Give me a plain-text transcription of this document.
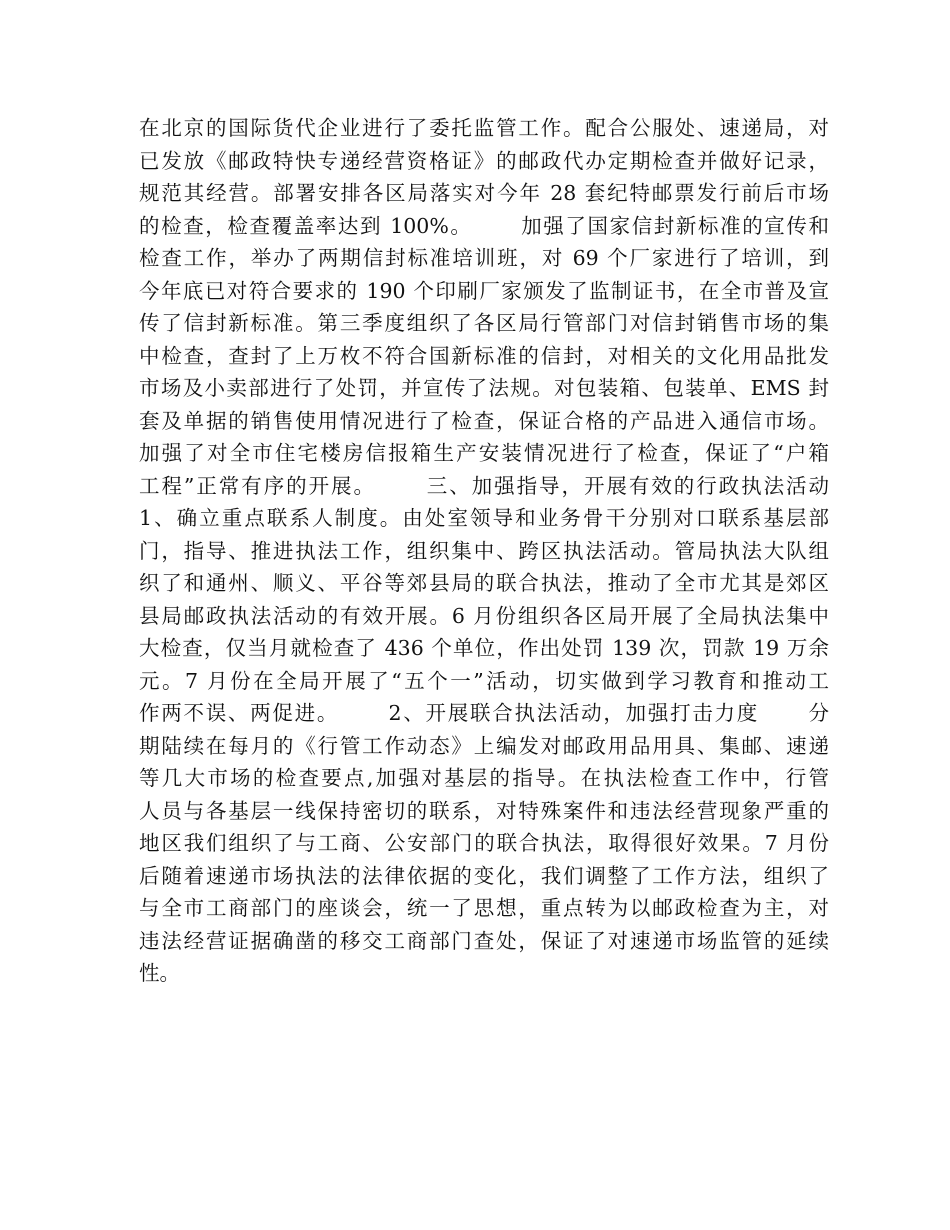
在北京的国际货代企业进行了委托监管工作。配合公服处、速递局，对
已发放《邮政特快专递经营资格证》的邮政代办定期检查并做好记录，
规范其经营。部署安排各区局落实对今年 28 套纪特邮票发行前后市场
的检查，检查覆盖率达到 100%。      加强了国家信封新标准的宣传和
检查工作，举办了两期信封标准培训班，对 69 个厂家进行了培训，到
今年底已对符合要求的 190 个印刷厂家颁发了监制证书，在全市普及宣
传了信封新标准。第三季度组织了各区局行管部门对信封销售市场的集
中检查，查封了上万枚不符合国新标准的信封，对相关的文化用品批发
市场及小卖部进行了处罚，并宣传了法规。对包装箱、包装单、EMS 封
套及单据的销售使用情况进行了检查，保证合格的产品进入通信市场。
加强了对全市住宅楼房信报箱生产安装情况进行了检查，保证了“户箱
工程”正常有序的开展。      三、加强指导，开展有效的行政执法活动
1、确立重点联系人制度。由处室领导和业务骨干分别对口联系基层部
门，指导、推进执法工作，组织集中、跨区执法活动。管局执法大队组
织了和通州、顺义、平谷等郊县局的联合执法，推动了全市尤其是郊区
县局邮政执法活动的有效开展。6 月份组织各区局开展了全局执法集中
大检查，仅当月就检查了 436 个单位，作出处罚 139 次，罚款 19 万余
元。7 月份在全局开展了“五个一”活动，切实做到学习教育和推动工
作两不误、两促进。      2、开展联合执法活动，加强打击力度      分
期陆续在每月的《行管工作动态》上编发对邮政用品用具、集邮、速递
等几大市场的检查要点,加强对基层的指导。在执法检查工作中，行管
人员与各基层一线保持密切的联系，对特殊案件和违法经营现象严重的
地区我们组织了与工商、公安部门的联合执法，取得很好效果。7 月份
后随着速递市场执法的法律依据的变化，我们调整了工作方法，组织了
与全市工商部门的座谈会，统一了思想，重点转为以邮政检查为主，对
违法经营证据确凿的移交工商部门查处，保证了对速递市场监管的延续
性。
